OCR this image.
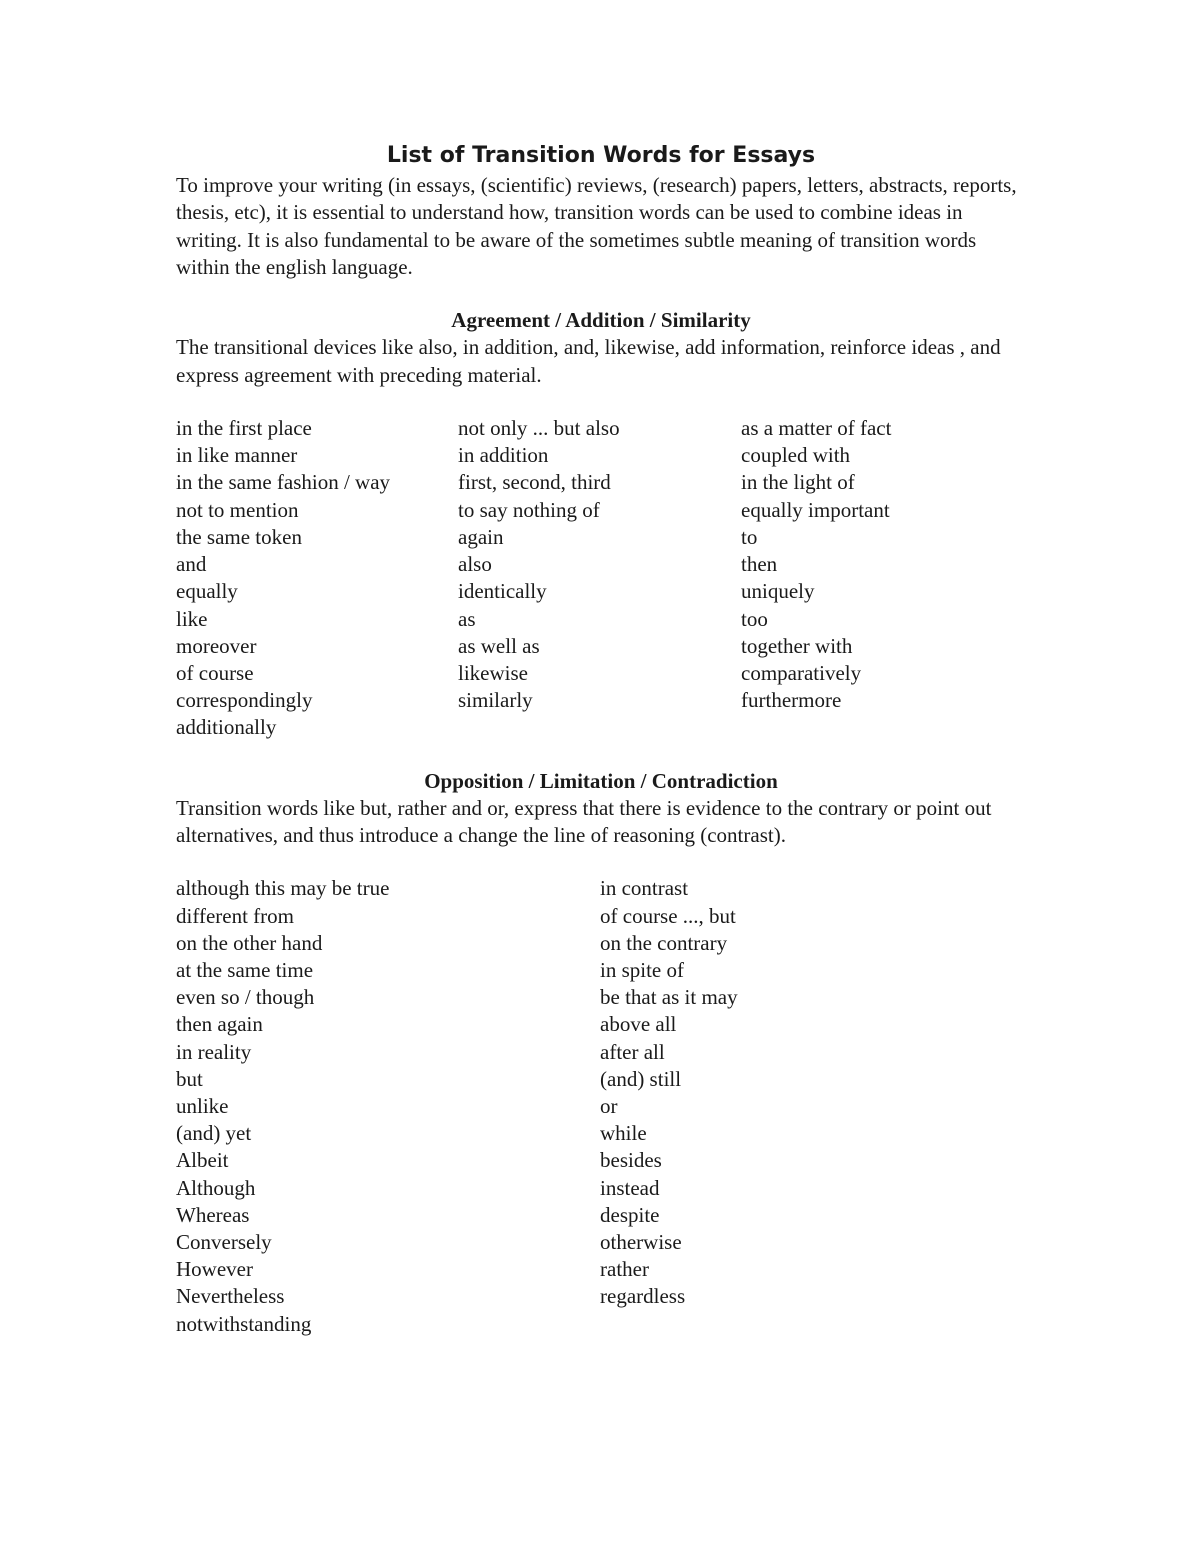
List of Transition Words for Essays

To improve your writing (in essays, (scientific) reviews, (research) papers, letters, abstracts, reports, thesis, etc), it is essential to understand how, transition words can be used to combine ideas in writing. It is also fundamental to be aware of the sometimes subtle meaning of transition words within the english language.

Agreement / Addition / Similarity

The transitional devices like also, in addition, and, likewise, add information, reinforce ideas , and express agreement with preceding material.

in the first place
in like manner
in the same fashion / way
not to mention
the same token
and
equally
like
moreover
of course
correspondingly
additionally
not only ... but also
in addition
first, second, third
to say nothing of
again
also
identically
as
as well as
likewise
similarly
as a matter of fact
coupled with
in the light of
equally important
to
then
uniquely
too
together with
comparatively
furthermore
Opposition / Limitation / Contradiction

Transition words like but, rather and or, express that there is evidence to the contrary or point out alternatives, and thus introduce a change the line of reasoning (contrast).

although this may be true
different from
on the other hand
at the same time
even so / though
then again
in reality
but
unlike
(and) yet
Albeit
Although
Whereas
Conversely
However
Nevertheless
notwithstanding
in contrast
of course ..., but
on the contrary
in spite of
be that as it may
above all
after all
(and) still
or
while
besides
instead
despite
otherwise
rather
regardless
